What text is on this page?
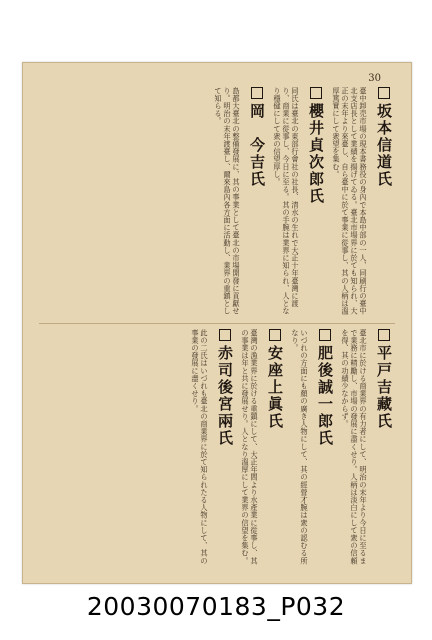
30
坂本信道氏
臺中卸売市場の現本書務役の身內で本島中部の一人、同刷行の臺中北支店長として業績を揚げてゐる。臺北市場界に於ても知られ、大正の末年より來臺し、自ら臺中に於て事業に從事し、其の人柄は溫厚篤實にして衆望を集む。
櫻井貞次郎氏
同氏は臺北の東部行會社の社長、清水の生れで大正十年臺灣に渡り、商業に從事し、今日に至る。其の手腕は業界に知られ、人となり穩健にして衆の信望厚し。
岡　今吉氏
島都大臺北の整備發展に、其の事業として臺北の市場開發に貢獻せり。明治の末年渡臺し、爾來島內各方面に活動し、業界の重鎮として知らる。
平戸吉藏氏
臺北市に於ける商業界の有力者にして、明治の末年より今日に至るまで業務に精勵し、市場の發展に盡くせり。人柄は淡白にして衆の信頼を得、其の功績少なからず。
肥後誠一郎氏
いづれの方面にも顏の廣き人物にして、其の經營才腕は衆の認むる所なり。
安座上眞氏
臺灣の漁業界に於ける重鎮にして、大正年間より水產業に從事し、其の事業は年と共に發展せり。人となり溫厚にして業界の信望を集む。
赤司後宮兩氏
此の二氏はいづれも臺北の商業界に於て知られたる人物にして、其の事業の發展に盡くせり。
20030070183_P032
